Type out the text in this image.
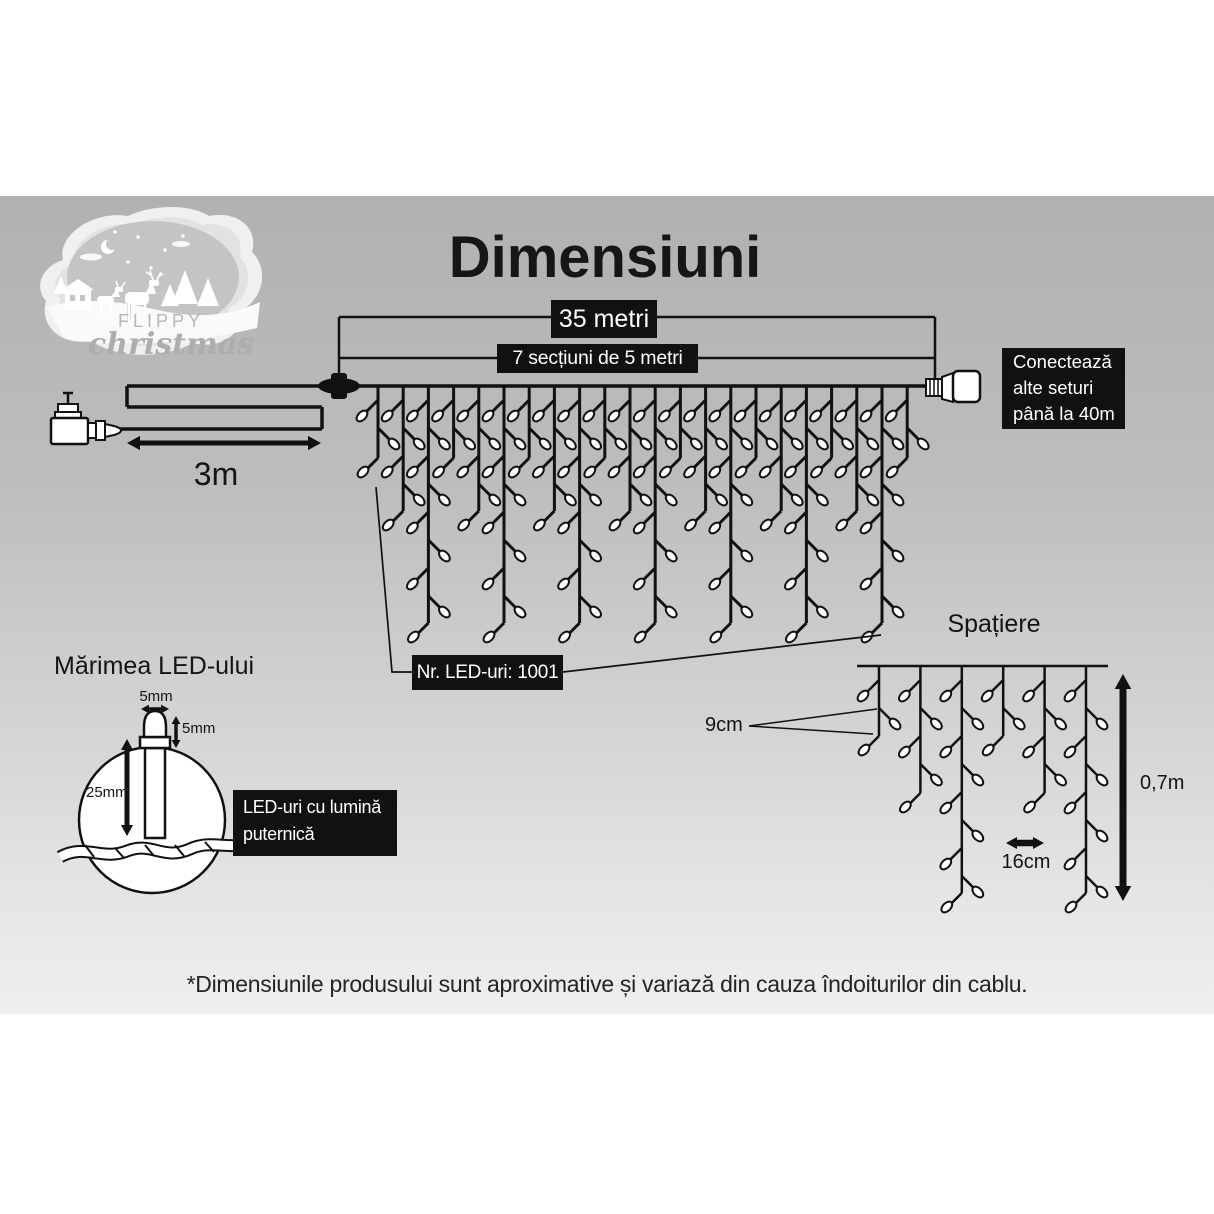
FLIPPY
christmas
Dimensiuni
35 metri
7 secțiuni de 5 metri	Conectează
alte seturi
până la 40m
Nr. LED-uri: 1001
3m
Spațiere
9cm
0,7m
16cm
Mărimea LED-ului
5mm
5mm
25mm
LED-uri cu lumină
puternică
*Dimensiunile produsului sunt aproximative și variază din cauza îndoiturilor din cablu.
